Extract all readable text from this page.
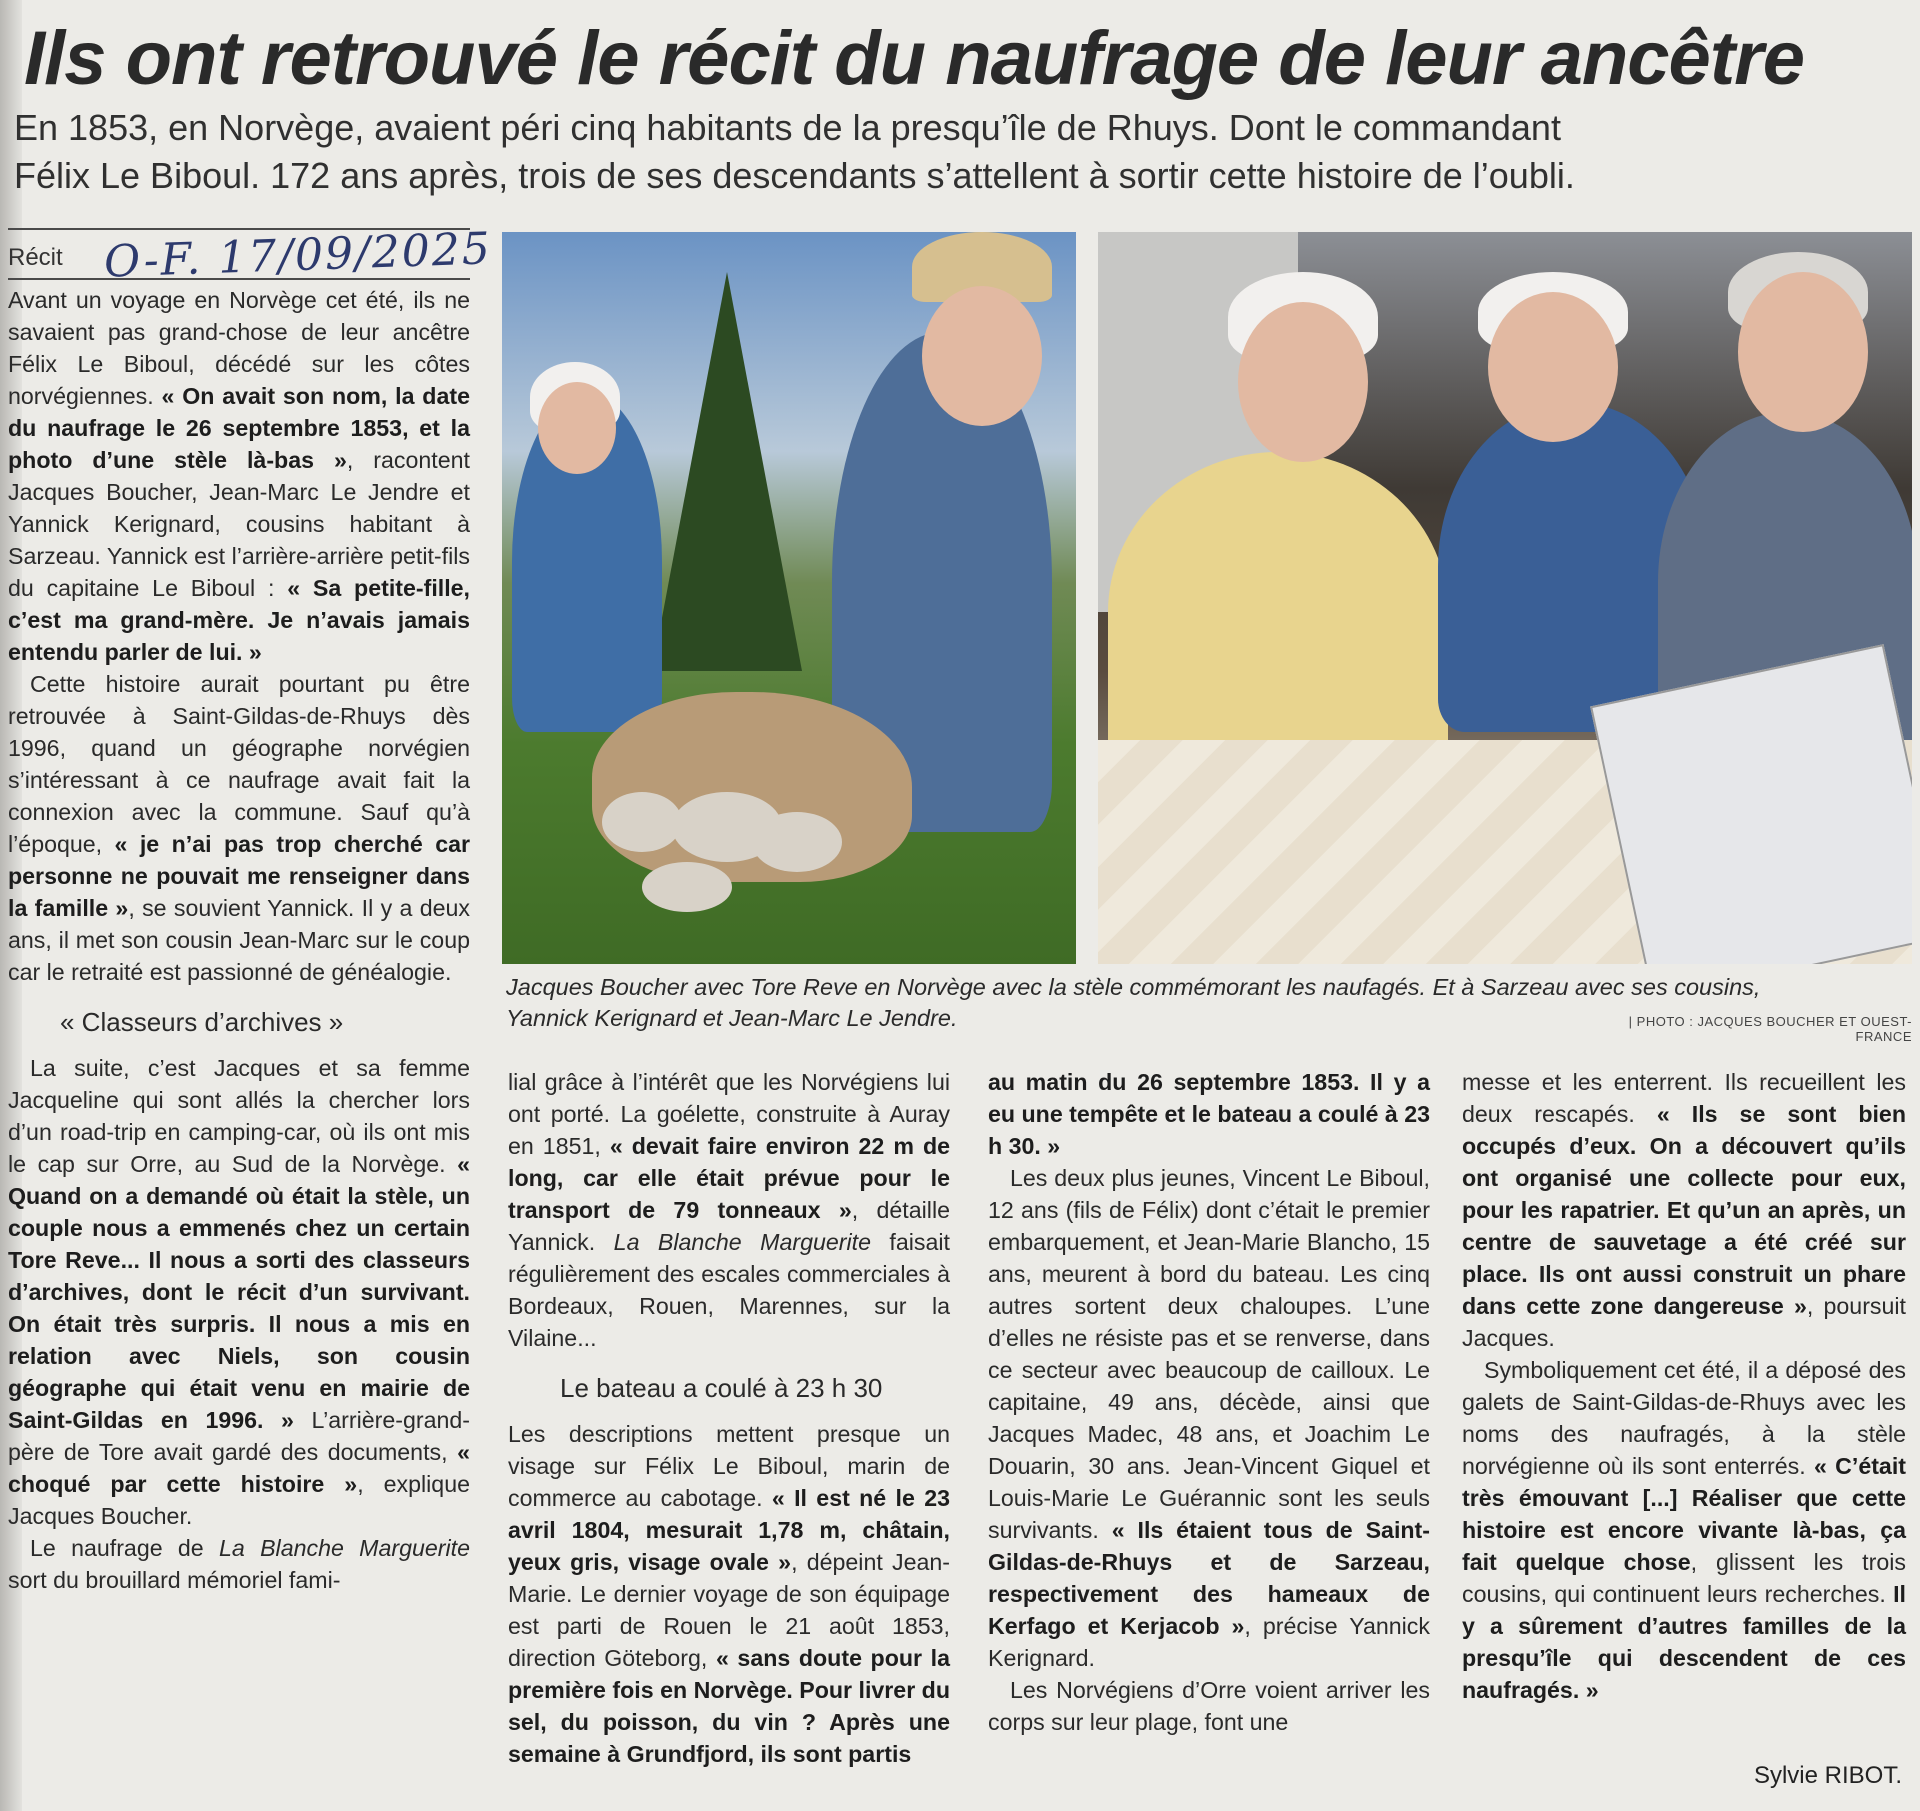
Ils ont retrouvé le récit du naufrage de leur ancêtre
En 1853, en Norvège, avaient péri cinq habitants de la presqu’île de Rhuys. Dont le commandant
Félix Le Biboul. 172 ans après, trois de ses descendants s’attellent à sortir cette histoire de l’oubli.
Récit O-F. 17/09/2025

Avant un voyage en Norvège cet été, ils ne savaient pas grand-chose de leur ancêtre Félix Le Biboul, décédé sur les côtes norvégiennes. « On avait son nom, la date du naufrage le 26 septembre 1853, et la photo d’une stèle là-bas », racontent Jacques Boucher, Jean-Marc Le Jendre et Yannick Kerignard, cousins habitant à Sarzeau. Yannick est l’arrière-arrière petit-fils du capitaine Le Biboul : « Sa petite-fille, c’est ma grand-mère. Je n’avais jamais entendu parler de lui. »

Cette histoire aurait pourtant pu être retrouvée à Saint-Gildas-de-Rhuys dès 1996, quand un géographe norvégien s’intéressant à ce naufrage avait fait la connexion avec la commune. Sauf qu’à l’époque, « je n’ai pas trop cherché car personne ne pouvait me renseigner dans la famille », se souvient Yannick. Il y a deux ans, il met son cousin Jean-Marc sur le coup car le retraité est passionné de généalogie.

« Classeurs d’archives »

La suite, c’est Jacques et sa femme Jacqueline qui sont allés la chercher lors d’un road-trip en camping-car, où ils ont mis le cap sur Orre, au Sud de la Norvège. « Quand on a demandé où était la stèle, un couple nous a emmenés chez un certain Tore Reve... Il nous a sorti des classeurs d’archives, dont le récit d’un survivant. On était très surpris. Il nous a mis en relation avec Niels, son cousin géographe qui était venu en mairie de Saint-Gildas en 1996. » L’arrière-grand-père de Tore avait gardé des documents, « choqué par cette histoire », explique Jacques Boucher.

Le naufrage de La Blanche Marguerite sort du brouillard mémoriel fami-

Jacques Boucher avec Tore Reve en Norvège avec la stèle commémorant les naufagés. Et à Sarzeau avec ses cousins,
Yannick Kerignard et Jean-Marc Le Jendre.	| PHOTO : JACQUES BOUCHER ET OUEST-FRANCE

lial grâce à l’intérêt que les Norvégiens lui ont porté. La goélette, construite à Auray en 1851, « devait faire environ 22 m de long, car elle était prévue pour le transport de 79 tonneaux », détaille Yannick. La Blanche Marguerite faisait régulièrement des escales commerciales à Bordeaux, Rouen, Marennes, sur la Vilaine...

Le bateau a coulé à 23 h 30

Les descriptions mettent presque un visage sur Félix Le Biboul, marin de commerce au cabotage. « Il est né le 23 avril 1804, mesurait 1,78 m, châtain, yeux gris, visage ovale », dépeint Jean-Marie. Le dernier voyage de son équipage est parti de Rouen le 21 août 1853, direction Göteborg, « sans doute pour la première fois en Norvège. Pour livrer du sel, du poisson, du vin ? Après une semaine à Grundfjord, ils sont partis

au matin du 26 septembre 1853. Il y a eu une tempête et le bateau a coulé à 23 h 30. »

Les deux plus jeunes, Vincent Le Biboul, 12 ans (fils de Félix) dont c’était le premier embarquement, et Jean-Marie Blancho, 15 ans, meurent à bord du bateau. Les cinq autres sortent deux chaloupes. L’une d’elles ne résiste pas et se renverse, dans ce secteur avec beaucoup de cailloux. Le capitaine, 49 ans, décède, ainsi que Jacques Madec, 48 ans, et Joachim Le Douarin, 30 ans. Jean-Vincent Giquel et Louis-Marie Le Guérannic sont les seuls survivants. « Ils étaient tous de Saint-Gildas-de-Rhuys et de Sarzeau, respectivement des hameaux de Kerfago et Kerjacob », précise Yannick Kerignard.

Les Norvégiens d’Orre voient arriver les corps sur leur plage, font une

messe et les enterrent. Ils recueillent les deux rescapés. « Ils se sont bien occupés d’eux. On a découvert qu’ils ont organisé une collecte pour eux, pour les rapatrier. Et qu’un an après, un centre de sauvetage a été créé sur place. Ils ont aussi construit un phare dans cette zone dangereuse », poursuit Jacques.

Symboliquement cet été, il a déposé des galets de Saint-Gildas-de-Rhuys avec les noms des naufragés, à la stèle norvégienne où ils sont enterrés. « C’était très émouvant [...] Réaliser que cette histoire est encore vivante là-bas, ça fait quelque chose, glissent les trois cousins, qui continuent leurs recherches. Il y a sûrement d’autres familles de la presqu’île qui descendent de ces naufragés. »

Sylvie RIBOT.
